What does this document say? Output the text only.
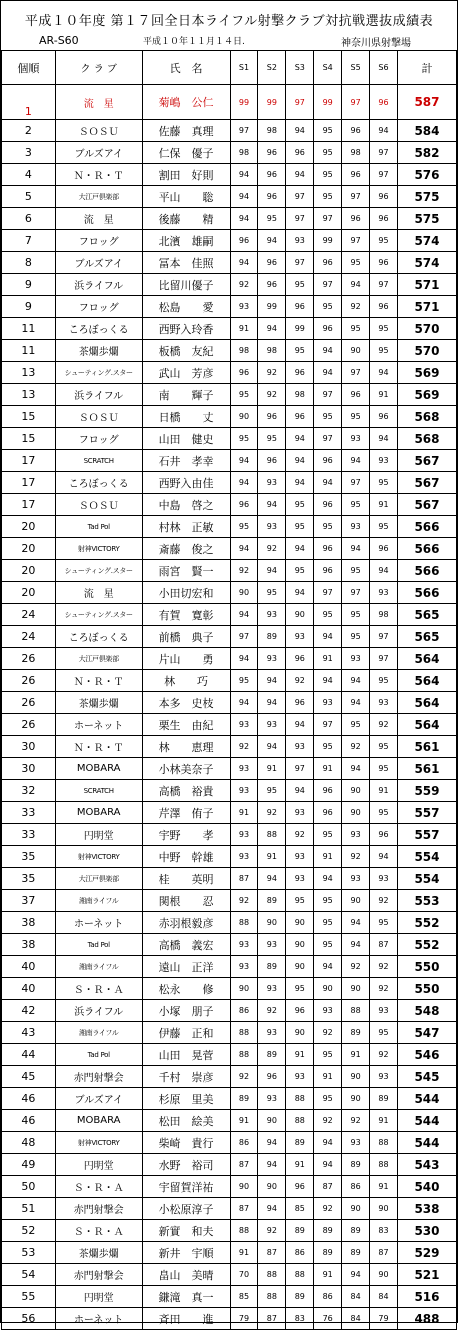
平成１０年度 第１７回全日本ライフル射撃クラブ対抗戦選抜成績表
AR-S60	平成１０年１１月１４日.	神奈川県射撃場
個順	ク ラ ブ	氏　名	S1	S2	S3	S4	S5	S6	計
1	流　星	菊嶋　公仁	99	99	97	99	97	96	587
2	ＳＯＳＵ	佐藤　真理	97	98	94	95	96	94	584
3	ブルズアイ	仁保　優子	98	96	96	95	98	97	582
4	Ｎ・Ｒ・Ｔ	割田　好則	94	96	94	95	96	97	576
5	大江戸倶楽部	平山　　聡	94	96	97	95	97	96	575
6	流　星	後藤　　精	94	95	97	97	96	96	575
7	フロッグ	北濱　雄嗣	96	94	93	99	97	95	574
8	ブルズアイ	冨本　佳照	94	96	97	96	95	96	574
9	浜ライフル	比留川優子	92	96	95	97	94	97	571
9	フロッグ	松島　　愛	93	99	96	95	92	96	571
11	ころぼっくる	西野入玲香	91	94	99	96	95	95	570
11	茶爛歩爛	板橋　友紀	98	98	95	94	90	95	570
13	シューティング.スター	武山　芳彦	96	92	96	94	97	94	569
13	浜ライフル	南　　輝子	95	92	98	97	96	91	569
15	ＳＯＳＵ	日橋　　丈	90	96	96	95	95	96	568
15	フロッグ	山田　健史	95	95	94	97	93	94	568
17	SCRATCH	石井　孝幸	94	96	94	96	94	93	567
17	ころぼっくる	西野入由佳	94	93	94	94	97	95	567
17	ＳＯＳＵ	中島　啓之	96	94	95	96	95	91	567
20	Tad Pol	村林　正敏	95	93	95	95	93	95	566
20	射神VICTORY	斎藤　俊之	94	92	94	96	94	96	566
20	シューティング.スター	雨宮　賢一	92	94	95	96	95	94	566
20	流　星	小田切宏和	90	95	94	97	97	93	566
24	シューティング.スター	有賀　寛彰	94	93	90	95	95	98	565
24	ころぼっくる	前橋　典子	97	89	93	94	95	97	565
26	大江戸倶楽部	片山　　勇	94	93	96	91	93	97	564
26	Ｎ・Ｒ・Ｔ	林　　巧	95	94	92	94	94	95	564
26	茶爛歩爛	本多　史枝	94	94	96	93	94	93	564
26	ホーネット	栗生　由紀	93	93	94	97	95	92	564
30	Ｎ・Ｒ・Ｔ	林　　恵理	92	94	93	95	92	95	561
30	MOBARA	小林美奈子	93	91	97	91	94	95	561
32	SCRATCH	高橋　裕貴	93	95	94	96	90	91	559
33	MOBARA	芹澤　侑子	91	92	93	96	90	95	557
33	円明堂	宇野　　孝	93	88	92	95	93	96	557
35	射神VICTORY	中野　幹雄	93	91	93	91	92	94	554
35	大江戸倶楽部	桂　　英明	87	94	93	94	93	93	554
37	湘南ライフル	関根　　忍	92	89	95	95	90	92	553
38	ホーネット	赤羽根毅彦	88	90	90	95	94	95	552
38	Tad Pol	高橋　義宏	93	93	90	95	94	87	552
40	湘南ライフル	遠山　正洋	93	89	90	94	92	92	550
40	Ｓ・Ｒ・Ａ	松永　　修	90	93	95	90	90	92	550
42	浜ライフル	小塚　朋子	86	92	96	93	88	93	548
43	湘南ライフル	伊藤　正和	88	93	90	92	89	95	547
44	Tad Pol	山田　晃菅	88	89	91	95	91	92	546
45	赤門射撃会	千村　崇彦	92	96	93	91	90	93	545
46	ブルズアイ	杉原　里美	89	93	88	95	90	89	544
46	MOBARA	松田　絵美	91	90	88	92	92	91	544
48	射神VICTORY	柴崎　貴行	86	94	89	94	93	88	544
49	円明堂	水野　裕司	87	94	91	94	89	88	543
50	Ｓ・Ｒ・Ａ	宇留賀洋祐	90	90	96	87	86	91	540
51	赤門射撃会	小松原淳子	87	94	85	92	90	90	538
52	Ｓ・Ｒ・Ａ	新實　和夫	88	92	89	89	89	83	530
53	茶爛歩爛	新井　宇順	91	87	86	89	89	87	529
54	赤門射撃会	畠山　美晴	70	88	88	91	94	90	521
55	円明堂	鎌滝　真一	85	88	89	86	84	84	516
56	ホーネット	斉田　　進	79	87	83	76	84	79	488
